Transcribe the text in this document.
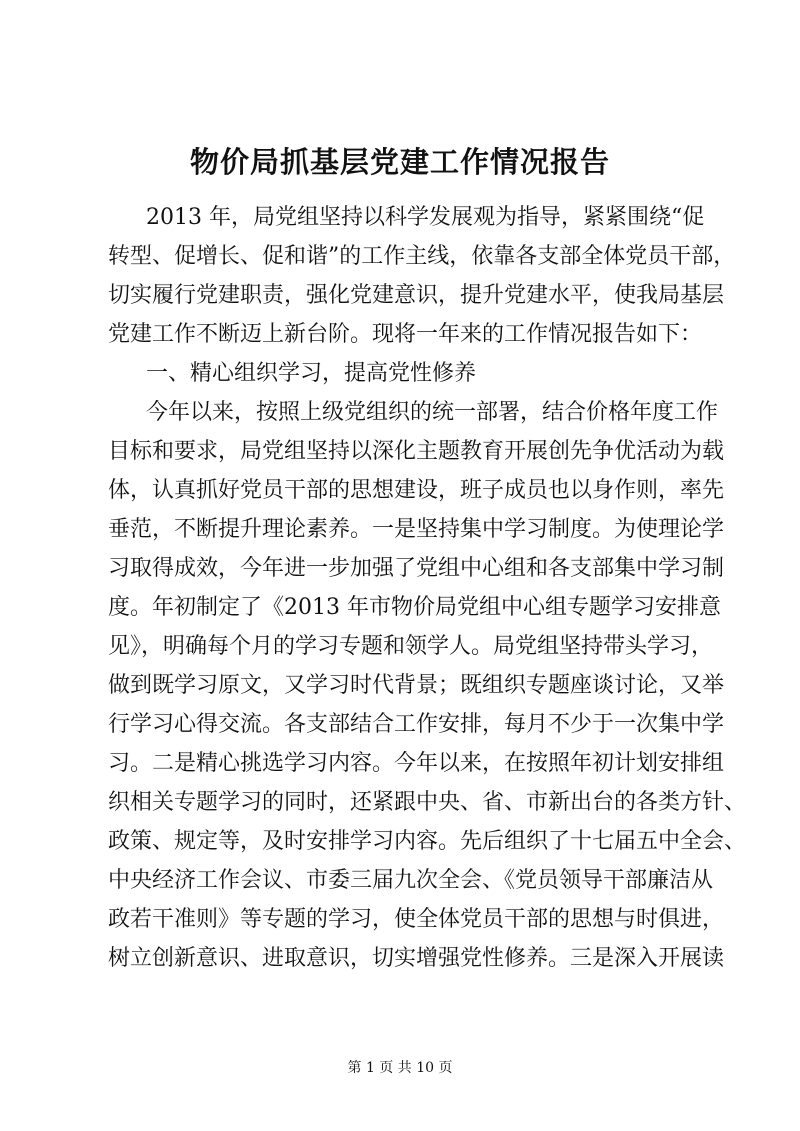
物价局抓基层党建工作情况报告
2013 年，局党组坚持以科学发展观为指导，紧紧围绕“促
转型、促增长、促和谐”的工作主线，依靠各支部全体党员干部，
切实履行党建职责，强化党建意识，提升党建水平，使我局基层
党建工作不断迈上新台阶。现将一年来的工作情况报告如下：
一、精心组织学习，提高党性修养
今年以来，按照上级党组织的统一部署，结合价格年度工作
目标和要求，局党组坚持以深化主题教育开展创先争优活动为载
体，认真抓好党员干部的思想建设，班子成员也以身作则，率先
垂范，不断提升理论素养。一是坚持集中学习制度。为使理论学
习取得成效，今年进一步加强了党组中心组和各支部集中学习制
度。年初制定了《2013 年市物价局党组中心组专题学习安排意
见》，明确每个月的学习专题和领学人。局党组坚持带头学习，
做到既学习原文，又学习时代背景；既组织专题座谈讨论，又举
行学习心得交流。各支部结合工作安排，每月不少于一次集中学
习。二是精心挑选学习内容。今年以来，在按照年初计划安排组
织相关专题学习的同时，还紧跟中央、省、市新出台的各类方针、
政策、规定等，及时安排学习内容。先后组织了十七届五中全会、
中央经济工作会议、市委三届九次全会、《党员领导干部廉洁从
政若干准则》等专题的学习，使全体党员干部的思想与时俱进，
树立创新意识、进取意识，切实增强党性修养。三是深入开展读
第 1 页 共 10 页
